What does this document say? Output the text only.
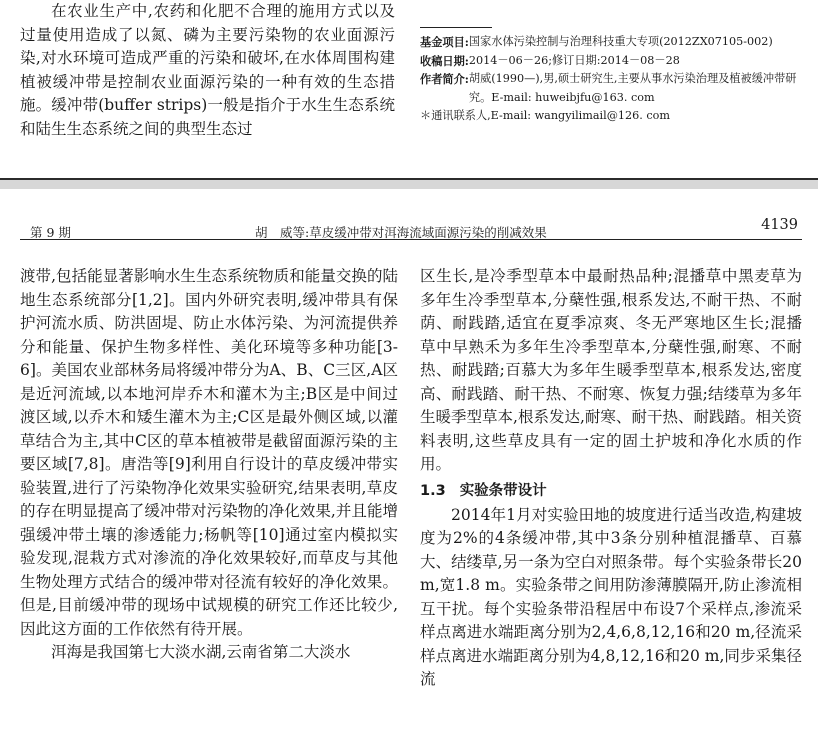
在农业生产中,农药和化肥不合理的施用方式以及过量使用造成了以氮、磷为主要污染物的农业面源污染,对水环境可造成严重的污染和破坏,在水体周围构建植被缓冲带是控制农业面源污染的一种有效的生态措施。缓冲带(buffer strips)一般是指介于水生生态系统和陆生生态系统之间的典型生态过

基金项目: 国家水体污染控制与治理科技重大专项(2012ZX07105-002)
收稿日期: 2014－06－26;修订日期:2014－08－28
作者简介: 胡威(1990—),男,硕士研究生,主要从事水污染治理及植被缓冲带研究。E-mail: huweibjfu@163. com
＊通讯联系人,E-mail: wangyilimail@126. com
第 9 期	胡　威等:草皮缓冲带对洱海流域面源污染的削减效果	4139

渡带,包括能显著影响水生生态系统物质和能量交换的陆地生态系统部分[1,2]。国内外研究表明,缓冲带具有保护河流水质、防洪固堤、防止水体污染、为河流提供养分和能量、保护生物多样性、美化环境等多种功能[3-6]。美国农业部林务局将缓冲带分为A、B、C三区,A区是近河流域,以本地河岸乔木和灌木为主;B区是中间过渡区域,以乔木和矮生灌木为主;C区是最外侧区域,以灌草结合为主,其中C区的草本植被带是截留面源污染的主要区域[7,8]。唐浩等[9]利用自行设计的草皮缓冲带实验装置,进行了污染物净化效果实验研究,结果表明,草皮的存在明显提高了缓冲带对污染物的净化效果,并且能增强缓冲带土壤的渗透能力;杨帆等[10]通过室内模拟实验发现,混栽方式对渗流的净化效果较好,而草皮与其他生物处理方式结合的缓冲带对径流有较好的净化效果。但是,目前缓冲带的现场中试规模的研究工作还比较少,因此这方面的工作依然有待开展。

洱海是我国第七大淡水湖,云南省第二大淡水

区生长,是冷季型草本中最耐热品种;混播草中黑麦草为多年生冷季型草本,分蘖性强,根系发达,不耐干热、不耐荫、耐践踏,适宜在夏季凉爽、冬无严寒地区生长;混播草中早熟禾为多年生冷季型草本,分蘖性强,耐寒、不耐热、耐践踏;百慕大为多年生暖季型草本,根系发达,密度高、耐践踏、耐干热、不耐寒、恢复力强;结缕草为多年生暖季型草本,根系发达,耐寒、耐干热、耐践踏。相关资料表明,这些草皮具有一定的固土护坡和净化水质的作用。

1.3 实验条带设计

2014年1月对实验田地的坡度进行适当改造,构建坡度为2%的4条缓冲带,其中3条分别种植混播草、百慕大、结缕草,另一条为空白对照条带。每个实验条带长20 m,宽1.8 m。实验条带之间用防渗薄膜隔开,防止渗流相互干扰。每个实验条带沿程居中布设7个采样点,渗流采样点离进水端距离分别为2,4,6,8,12,16和20 m,径流采样点离进水端距离分别为4,8,12,16和20 m,同步采集径流
